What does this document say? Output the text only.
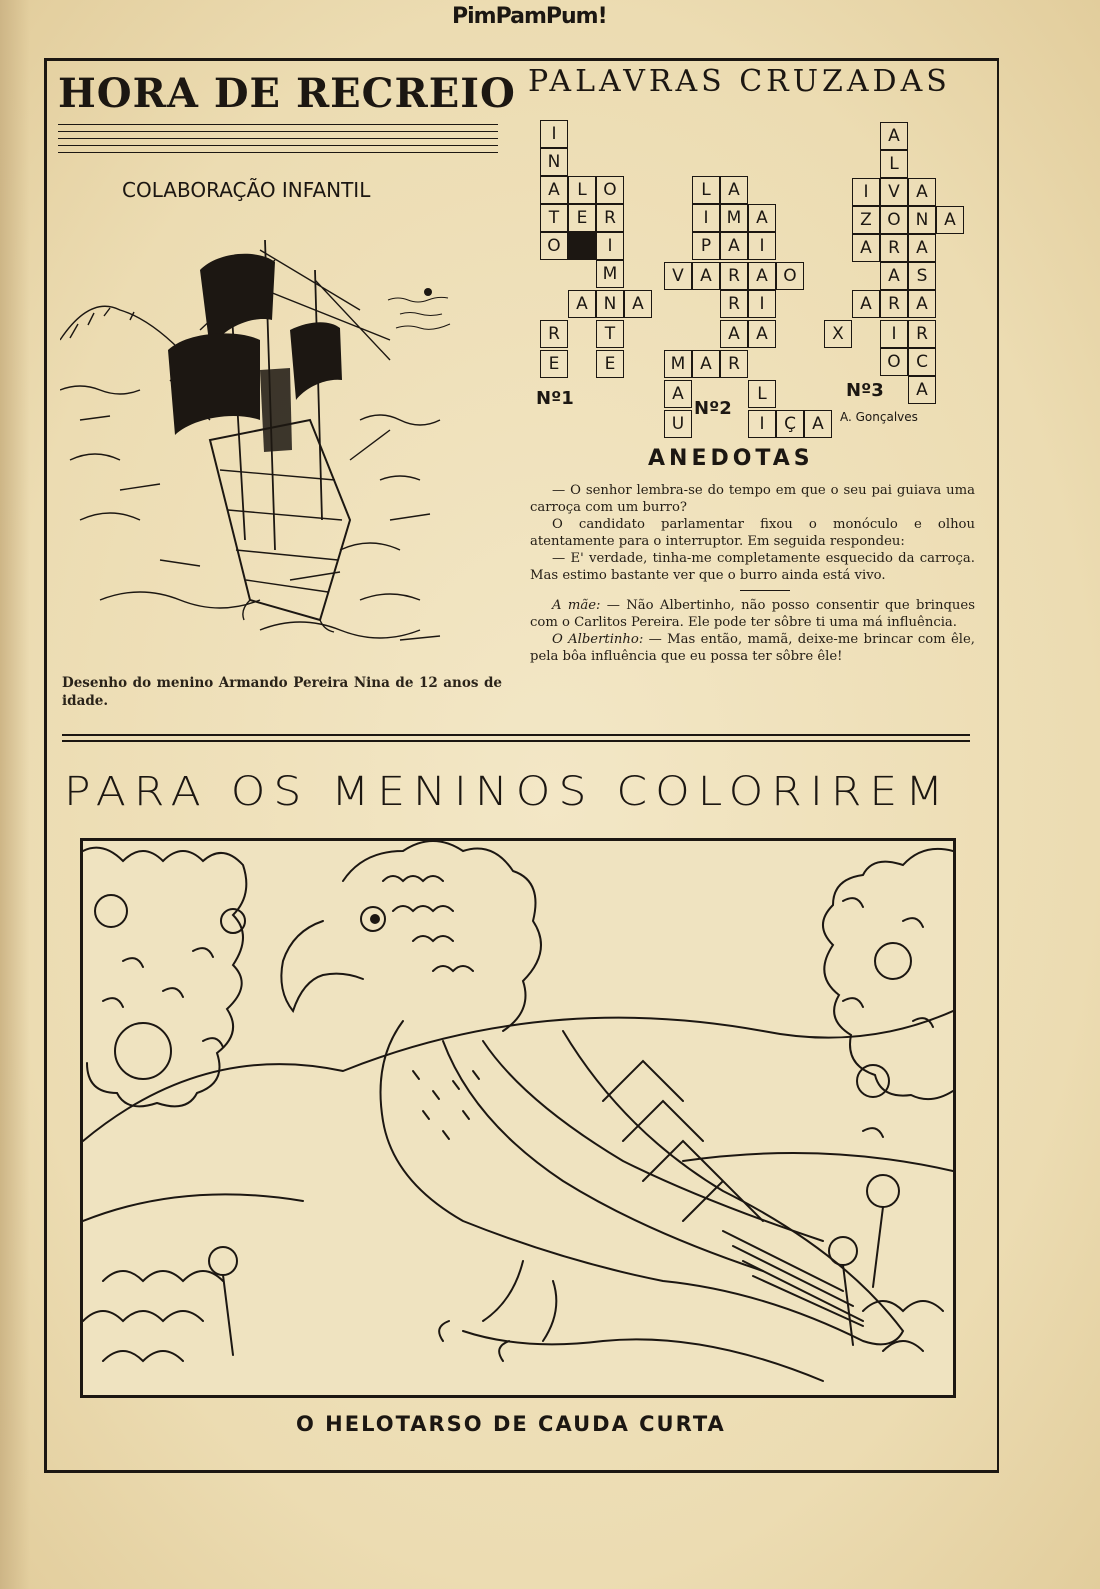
PimPamPum!
HORA DE RECREIO
COLABORAÇÃO INFANTIL
Desenho do menino Armando Pereira Nina de 12 anos de idade.
PALAVRAS CRUZADAS
I
N
A	L O
T	E R
O	I
M
A N A
R	T
E	E
L	A
I	M A
P	A	I
V A R A O
R	I
A A
M A R
A	L
U	I	Ç A
A
L
I	V A
Z O N A
A R A
A S
A R A
X	I	R
O C
A
Nº1	Nº2
Nº3
A. Gonçalves
ANEDOTAS

— O senhor lembra-se do tempo em que o seu pai guiava uma carroça com um burro?

O candidato parlamentar fixou o monóculo e olhou atentamente para o interruptor. Em seguida respondeu:

— E' verdade, tinha-me completamente esquecido da carroça. Mas estimo bastante ver que o burro ainda está vivo.

A mãe: — Não Albertinho, não posso consentir que brinques com o Carlitos Pereira. Ele pode ter sôbre ti uma má influência.

O Albertinho: — Mas então, mamã, deixe-me brincar com êle, pela bôa influência que eu possa ter sôbre êle!

PARA OS MENINOS COLORIREM
O HELOTARSO DE CAUDA CURTA
